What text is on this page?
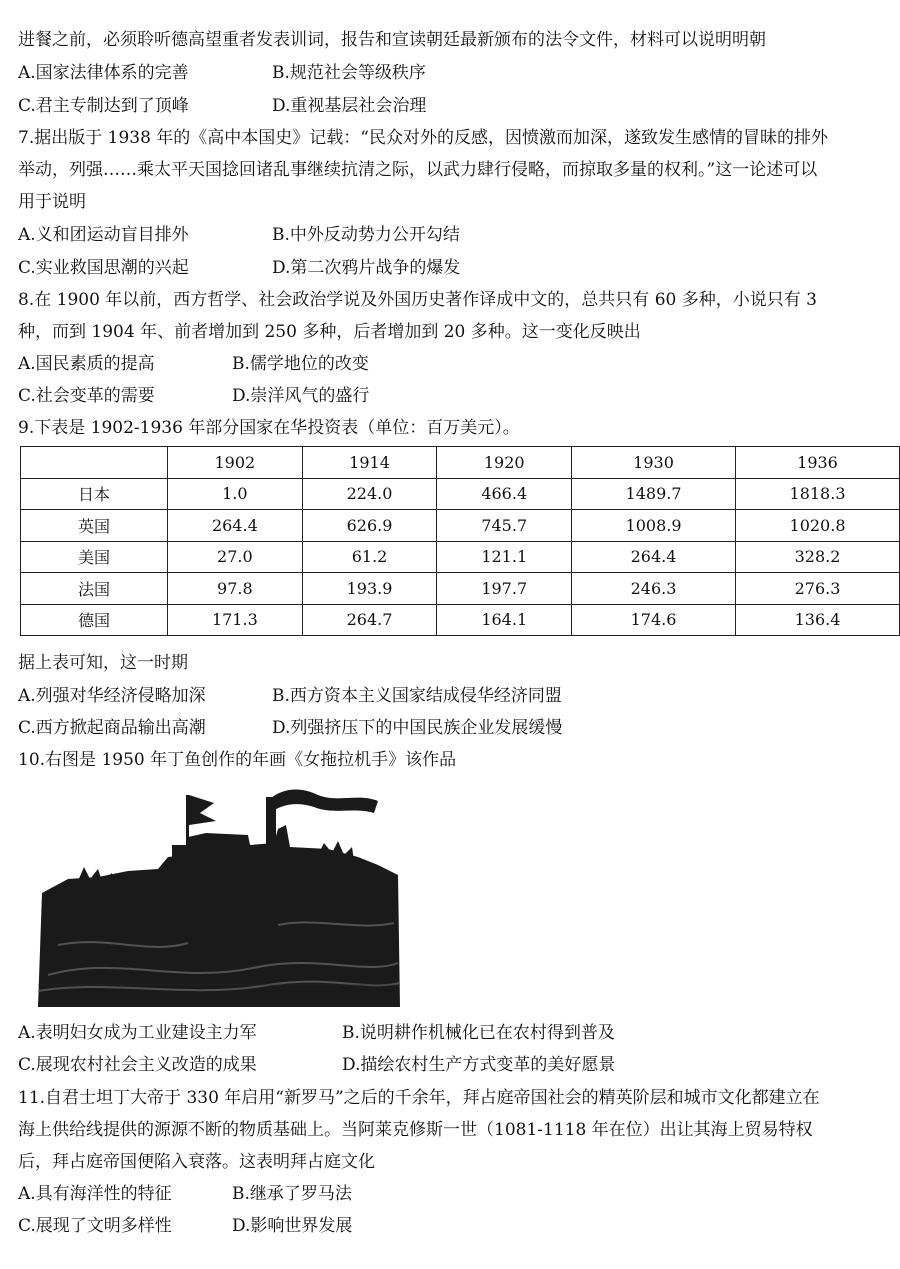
进餐之前，必须聆听德高望重者发表训词，报告和宣读朝廷最新颁布的法令文件，材料可以说明明朝
A.国家法律体系的完善	B.规范社会等级秩序
C.君主专制达到了顶峰	D.重视基层社会治理
7.据出版于 1938 年的《高中本国史》记载：“民众对外的反感，因愤激而加深，遂致发生感情的冒昧的排外
举动，列强……乘太平天国捻回诸乱事继续抗清之际，以武力肆行侵略，而掠取多量的权利。”这一论述可以
用于说明
A.义和团运动盲目排外	B.中外反动势力公开勾结
C.实业救国思潮的兴起	D.第二次鸦片战争的爆发
8.在 1900 年以前，西方哲学、社会政治学说及外国历史著作译成中文的，总共只有 60 多种，小说只有 3
种，而到 1904 年、前者增加到 250 多种，后者增加到 20 多种。这一变化反映出
A.国民素质的提高	B.儒学地位的改变
C.社会变革的需要	D.崇洋风气的盛行
9.下表是 1902-1936 年部分国家在华投资表（单位：百万美元）。
	1902	1914	1920	1930	1936
日本	1.0	224.0	466.4	1489.7	1818.3
英国	264.4	626.9	745.7	1008.9	1020.8
美国	27.0	61.2	121.1	264.4	328.2
法国	97.8	193.9	197.7	246.3	276.3
德国	171.3	264.7	164.1	174.6	136.4
据上表可知，这一时期
A.列强对华经济侵略加深	B.西方资本主义国家结成侵华经济同盟
C.西方掀起商品输出高潮	D.列强挤压下的中国民族企业发展缓慢
10.右图是 1950 年丁鱼创作的年画《女拖拉机手》该作品
A.表明妇女成为工业建设主力军	B.说明耕作机械化已在农村得到普及
C.展现农村社会主义改造的成果	D.描绘农村生产方式变革的美好愿景
11.自君士坦丁大帝于 330 年启用“新罗马”之后的千余年，拜占庭帝国社会的精英阶层和城市文化都建立在
海上供给线提供的源源不断的物质基础上。当阿莱克修斯一世（1081-1118 年在位）出让其海上贸易特权
后，拜占庭帝国便陷入衰落。这表明拜占庭文化
A.具有海洋性的特征	B.继承了罗马法
C.展现了文明多样性	D.影响世界发展
